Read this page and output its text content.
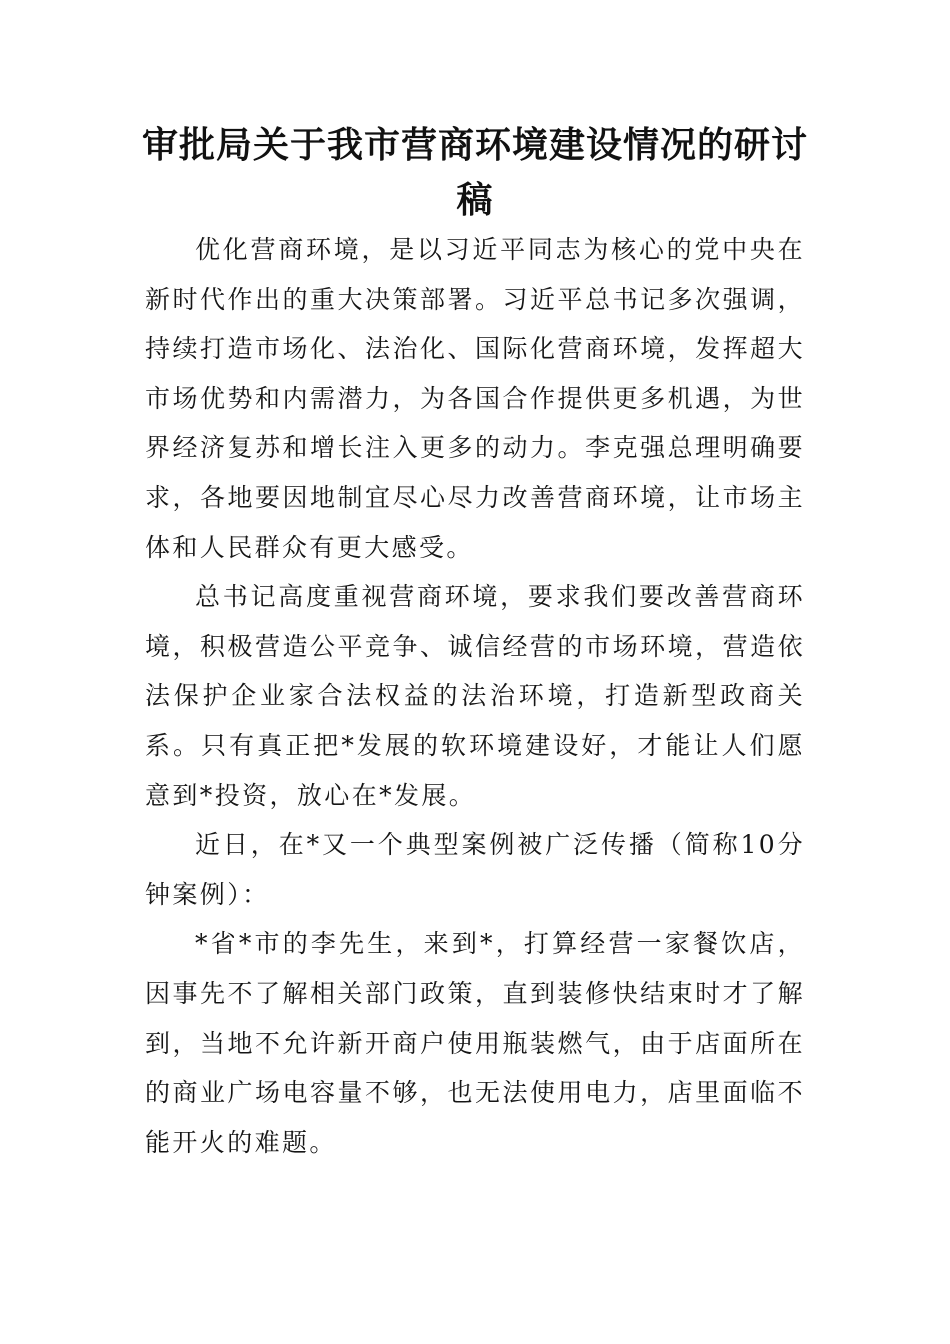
审批局关于我市营商环境建设情况的研讨稿

优化营商环境，是以习近平同志为核心的党中央在新时代作出的重大决策部署。习近平总书记多次强调，持续打造市场化、法治化、国际化营商环境，发挥超大市场优势和内需潜力，为各国合作提供更多机遇，为世界经济复苏和增长注入更多的动力。李克强总理明确要求，各地要因地制宜尽心尽力改善营商环境，让市场主体和人民群众有更大感受。

总书记高度重视营商环境，要求我们要改善营商环境，积极营造公平竞争、诚信经营的市场环境，营造依法保护企业家合法权益的法治环境，打造新型政商关系。只有真正把*发展的软环境建设好，才能让人们愿意到*投资，放心在*发展。

近日，在*又一个典型案例被广泛传播（简称10分钟案例）：

*省*市的李先生，来到*，打算经营一家餐饮店，因事先不了解相关部门政策，直到装修快结束时才了解到，当地不允许新开商户使用瓶装燃气，由于店面所在的商业广场电容量不够，也无法使用电力，店里面临不能开火的难题。
